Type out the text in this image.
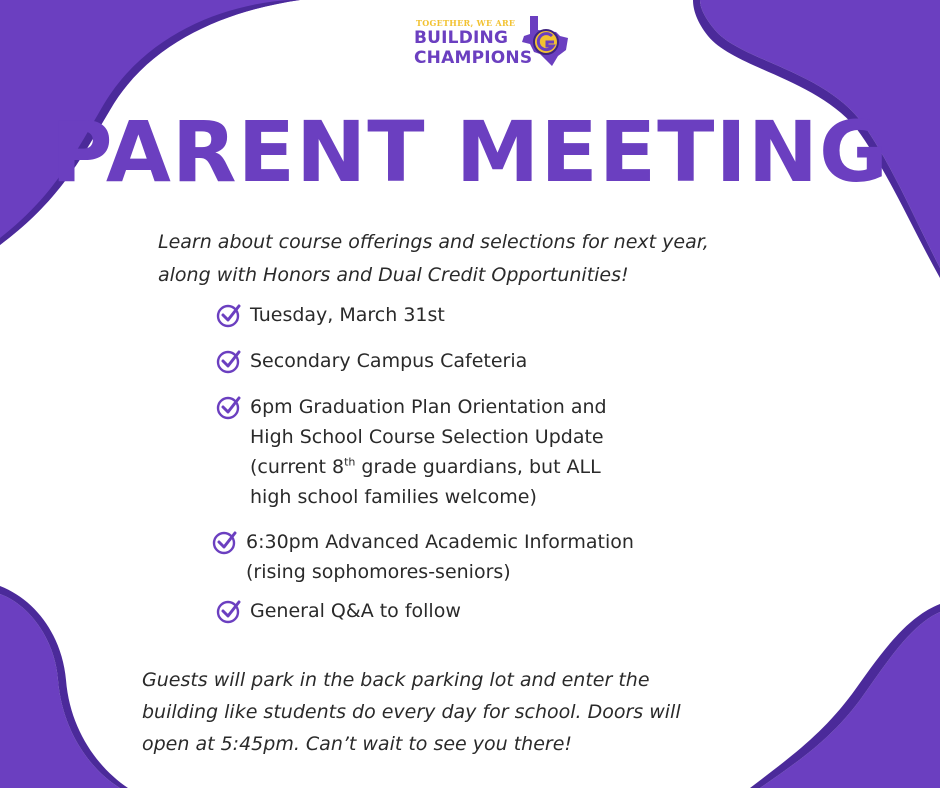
TOGETHER, WE ARE
BUILDING
CHAMPIONS
PARENT MEETING
Learn about course offerings and selections for next year,
along with Honors and Dual Credit Opportunities!
Tuesday, March 31st
Secondary Campus Cafeteria
6pm Graduation Plan Orientation and
High School Course Selection Update
(current 8th grade guardians, but ALL
high school families welcome)
6:30pm Advanced Academic Information
(rising sophomores-seniors)
General Q&A to follow
Guests will park in the back parking lot and enter the
building like students do every day for school. Doors will
open at 5:45pm. Can’t wait to see you there!
